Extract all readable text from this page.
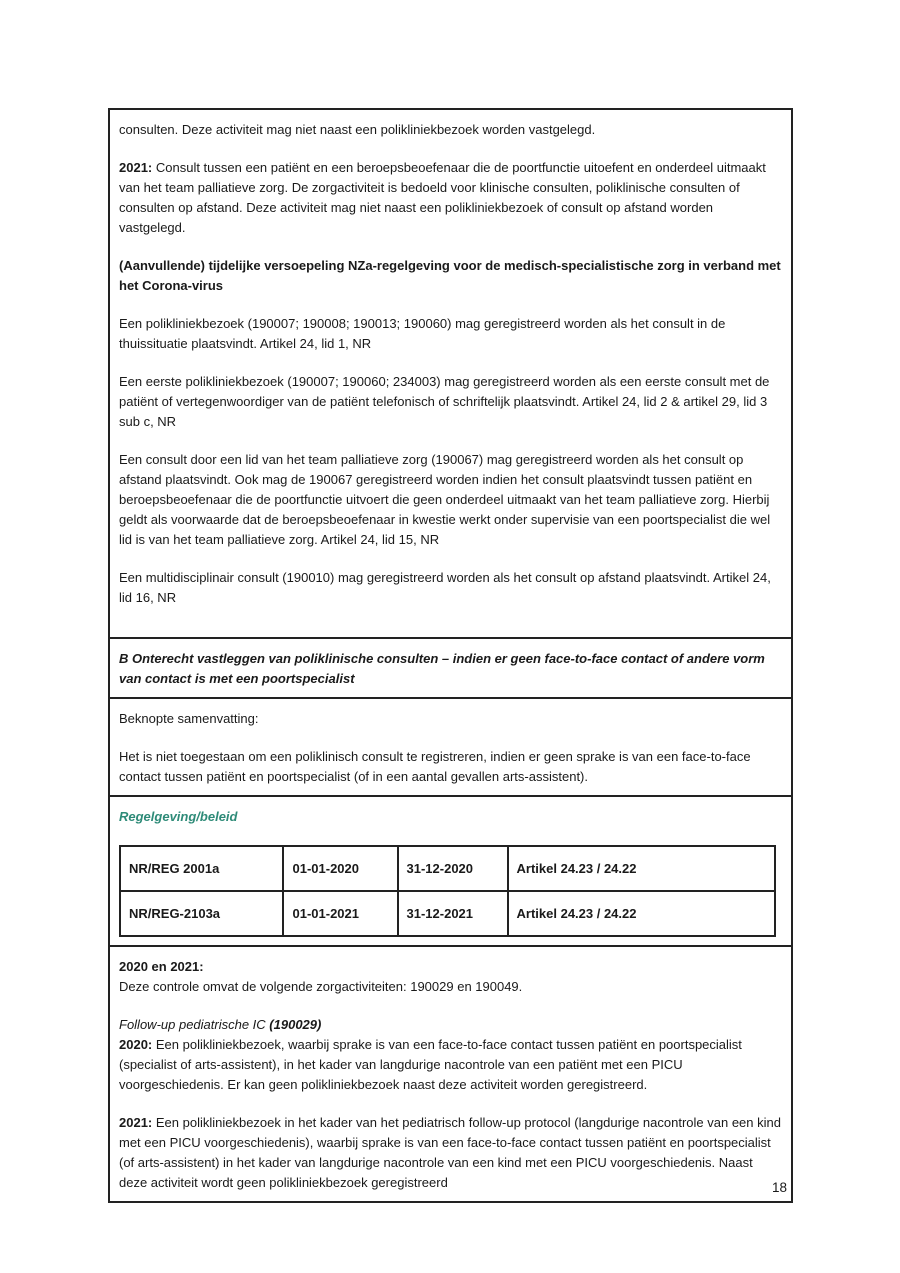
consulten. Deze activiteit mag niet naast een polikliniekbezoek worden vastgelegd.

2021: Consult tussen een patiënt en een beroepsbeoefenaar die de poortfunctie uitoefent en onderdeel uitmaakt van het team palliatieve zorg. De zorgactiviteit is bedoeld voor klinische consulten, poliklinische consulten of consulten op afstand. Deze activiteit mag niet naast een polikliniekbezoek of consult op afstand worden vastgelegd.

(Aanvullende) tijdelijke versoepeling NZa-regelgeving voor de medisch-specialistische zorg in verband met het Corona-virus

Een polikliniekbezoek (190007; 190008; 190013; 190060) mag geregistreerd worden als het consult in de thuissituatie plaatsvindt. Artikel 24, lid 1, NR

Een eerste polikliniekbezoek (190007; 190060; 234003) mag geregistreerd worden als een eerste consult met de patiënt of vertegenwoordiger van de patiënt telefonisch of schriftelijk plaatsvindt. Artikel 24, lid 2 & artikel 29, lid 3 sub c, NR

Een consult door een lid van het team palliatieve zorg (190067) mag geregistreerd worden als het consult op afstand plaatsvindt. Ook mag de 190067 geregistreerd worden indien het consult plaatsvindt tussen patiënt en beroepsbeoefenaar die de poortfunctie uitvoert die geen onderdeel uitmaakt van het team palliatieve zorg. Hierbij geldt als voorwaarde dat de beroepsbeoefenaar in kwestie werkt onder supervisie van een poortspecialist die wel lid is van het team palliatieve zorg. Artikel 24, lid 15, NR

Een multidisciplinair consult (190010) mag geregistreerd worden als het consult op afstand plaatsvindt. Artikel 24, lid 16, NR

B Onterecht vastleggen van poliklinische consulten – indien er geen face-to-face contact of andere vorm van contact is met een poortspecialist

Beknopte samenvatting:

Het is niet toegestaan om een poliklinisch consult te registreren, indien er geen sprake is van een face-to-face contact tussen patiënt en poortspecialist (of in een aantal gevallen arts-assistent).

Regelgeving/beleid

NR/REG 2001a	01-01-2020	31-12-2020	Artikel 24.23 / 24.22
NR/REG-2103a	01-01-2021	31-12-2021	Artikel 24.23 / 24.22

2020 en 2021:

Deze controle omvat de volgende zorgactiviteiten: 190029 en 190049.

Follow-up pediatrische IC (190029)

2020: Een polikliniekbezoek, waarbij sprake is van een face-to-face contact tussen patiënt en poortspecialist (specialist of arts-assistent), in het kader van langdurige nacontrole van een patiënt met een PICU voorgeschiedenis. Er kan geen polikliniekbezoek naast deze activiteit worden geregistreerd.

2021: Een polikliniekbezoek in het kader van het pediatrisch follow-up protocol (langdurige nacontrole van een kind met een PICU voorgeschiedenis), waarbij sprake is van een face-to-face contact tussen patiënt en poortspecialist (of arts-assistent) in het kader van langdurige nacontrole van een kind met een PICU voorgeschiedenis. Naast deze activiteit wordt geen polikliniekbezoek geregistreerd	18
